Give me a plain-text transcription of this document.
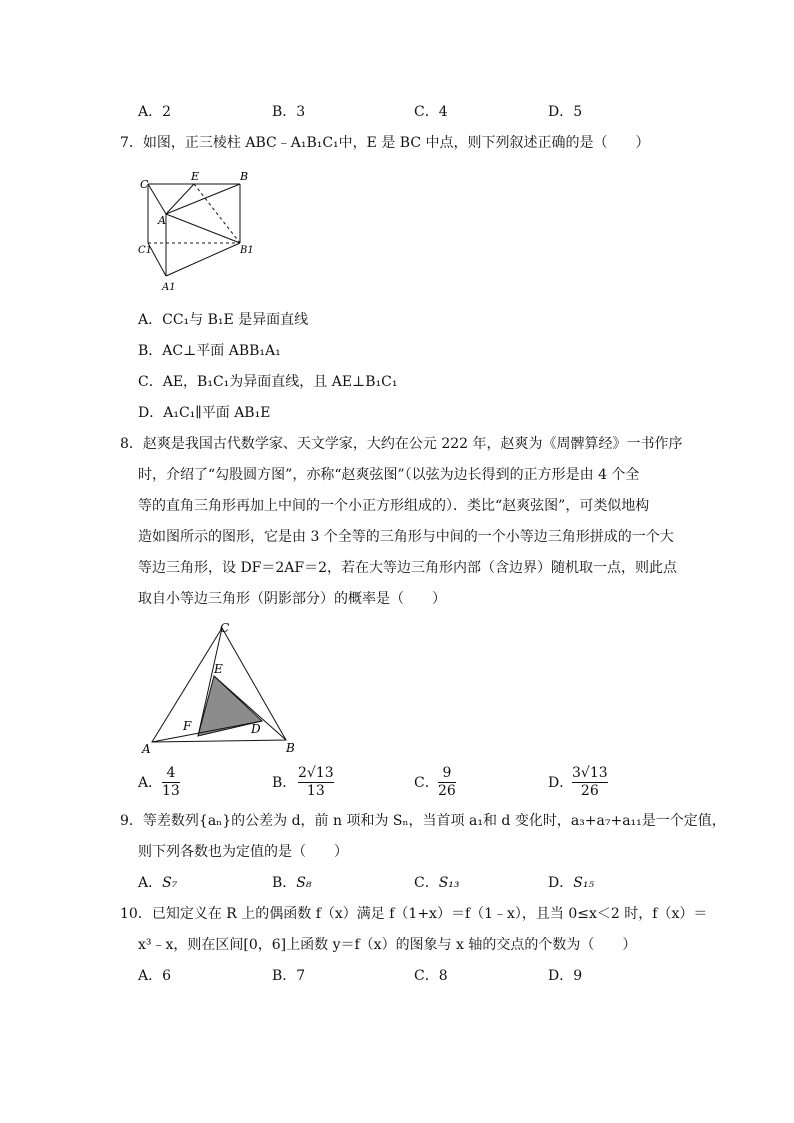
A．2	B．3	C．4	D．5
7．如图，正三棱柱 ABC﹣A₁B₁C₁中，E 是 BC 中点，则下列叙述正确的是（　　）
C
E	B
A
C1	B1
A1
A．CC₁与 B₁E 是异面直线
B．AC⊥平面 ABB₁A₁
C．AE，B₁C₁为异面直线，且 AE⊥B₁C₁
D．A₁C₁∥平面 AB₁E
8．赵爽是我国古代数学家、天文学家，大约在公元 222 年，赵爽为《周髀算经》一书作序
时，介绍了“勾股圆方图”，亦称“赵爽弦图”（以弦为边长得到的正方形是由 4 个全
等的直角三角形再加上中间的一个小正方形组成的）．类比“赵爽弦图”，可类似地构
造如图所示的图形，它是由 3 个全等的三角形与中间的一个小等边三角形拼成的一个大
等边三角形，设 DF＝2AF＝2，若在大等边三角形内部（含边界）随机取一点，则此点
取自小等边三角形（阴影部分）的概率是（　　）
C
E
F	D
A	B
A．
4
13	B．
2√13
13	C．
9
26	D．
3√13
26
9．等差数列{aₙ}的公差为 d，前 n 项和为 Sₙ，当首项 a₁和 d 变化时，a₃+a₇+a₁₁是一个定值，
则下列各数也为定值的是（　　）
A．S₇	B．S₈	C．S₁₃	D．S₁₅
10．已知定义在 R 上的偶函数 f（x）满足 f（1+x）＝f（1﹣x），且当 0≤x＜2 时，f（x）＝
x³﹣x，则在区间[0，6]上函数 y＝f（x）的图象与 x 轴的交点的个数为（　　）
A．6	B．7	C．8	D．9
